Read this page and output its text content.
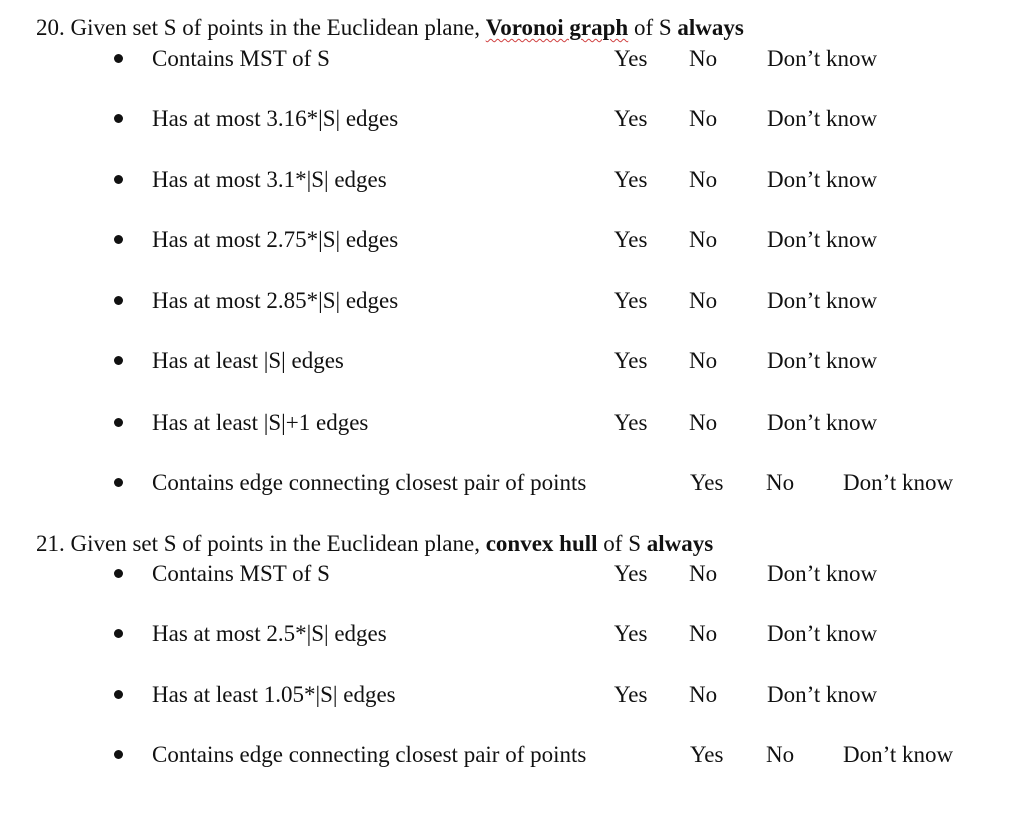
20. Given set S of points in the Euclidean plane, Voronoi graph of S always
Contains MST of S	Yes No Don’t know
Has at most 3.16*|S| edges	Yes No Don’t know
Has at most 3.1*|S| edges	Yes No Don’t know
Has at most 2.75*|S| edges	Yes No Don’t know
Has at most 2.85*|S| edges	Yes No Don’t know
Has at least |S| edges	Yes No Don’t know
Has at least |S|+1 edges	Yes No Don’t know
Contains edge connecting closest pair of points	Yes No Don’t know
21. Given set S of points in the Euclidean plane, convex hull of S always
Contains MST of S	Yes No Don’t know
Has at most 2.5*|S| edges	Yes No Don’t know
Has at least 1.05*|S| edges	Yes No Don’t know
Contains edge connecting closest pair of points	Yes No Don’t know
